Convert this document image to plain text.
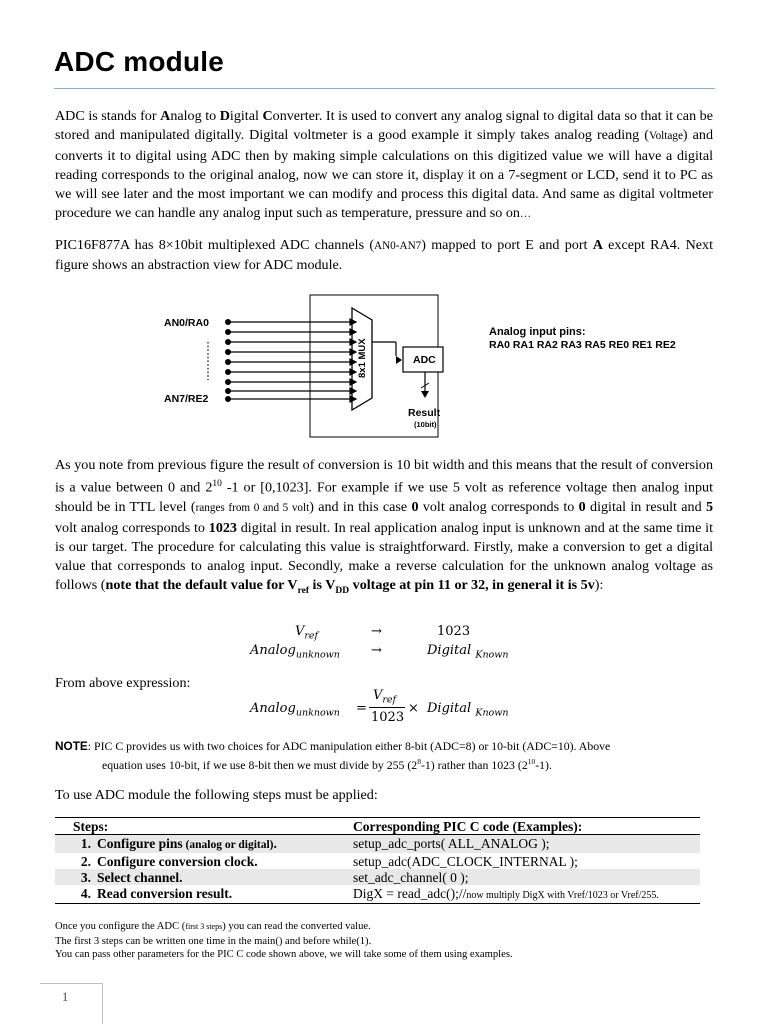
ADC module

ADC is stands for Analog to Digital Converter. It is used to convert any analog signal to digital data so that it can be stored and manipulated digitally. Digital voltmeter is a good example it simply takes analog reading (Voltage) and converts it to digital using ADC then by making simple calculations on this digitized value we will have a digital reading corresponds to the original analog, now we can store it, display it on a 7-segment or LCD, send it to PC as we will see later and the most important we can modify and process this digital data. And same as digital voltmeter procedure we can handle any analog input such as temperature, pressure and so on…

PIC16F877A has 8×10bit multiplexed ADC channels (AN0-AN7) mapped to port E and port A except RA4. Next figure shows an abstraction view for ADC module.

AN0/RA0
AN7/RE2
8x1 MUX	ADC
Result
(10bit)
Analog input pins:
RA0 RA1 RA2 RA3 RA5 RE0 RE1 RE2

As you note from previous figure the result of conversion is 10 bit width and this means that the result of conversion is a value between 0 and $2^{10}$ -1 or [0,1023]. For example if we use 5 volt as reference voltage then analog input should be in TTL level (ranges from 0 and 5 volt) and in this case 0 volt analog corresponds to 0 digital in result and 5 volt analog corresponds to 1023 digital in result. In real application analog input is unknown and at the same time it is our target. The procedure for calculating this value is straightforward. Firstly, make a conversion to get a digital value that corresponds to analog input. Secondly, make a reverse calculation for the unknown analog voltage as follows (note that the default value for $V_{ref}$ is $V_{DD}$ voltage at pin 11 or 32, in general it is 5v):

$V_{ref}$	→	1023
Analog$_{unknown}$ →	Digital $_{Known}$

From above expression:

Analog$_{unknown}$ =
$V_{ref}$
1023
× Digital $_{Known}$
NOTE: PIC C provides us with two choices for ADC manipulation either 8-bit (ADC=8) or 10-bit (ADC=10). Above
equation uses 10-bit, if we use 8-bit then we must divide by 255 $(2^8-1)$ rather than 1023 $(2^{10}-1)$.

To use ADC module the following steps must be applied:

Steps:	Corresponding PIC C code (Examples):
1. Configure pins (analog or digital).	setup_adc_ports( ALL_ANALOG );
2. Configure conversion clock.	setup_adc(ADC_CLOCK_INTERNAL );
3. Select channel.	set_adc_channel( 0 );
4. Read conversion result.	DigX = read_adc();//now multiply DigX with Vref/1023 or Vref/255.
Once you configure the ADC (first 3 steps) you can read the converted value.
The first 3 steps can be written one time in the main() and before while(1).
You can pass other parameters for the PIC C code shown above, we will take some of them using examples.
1
